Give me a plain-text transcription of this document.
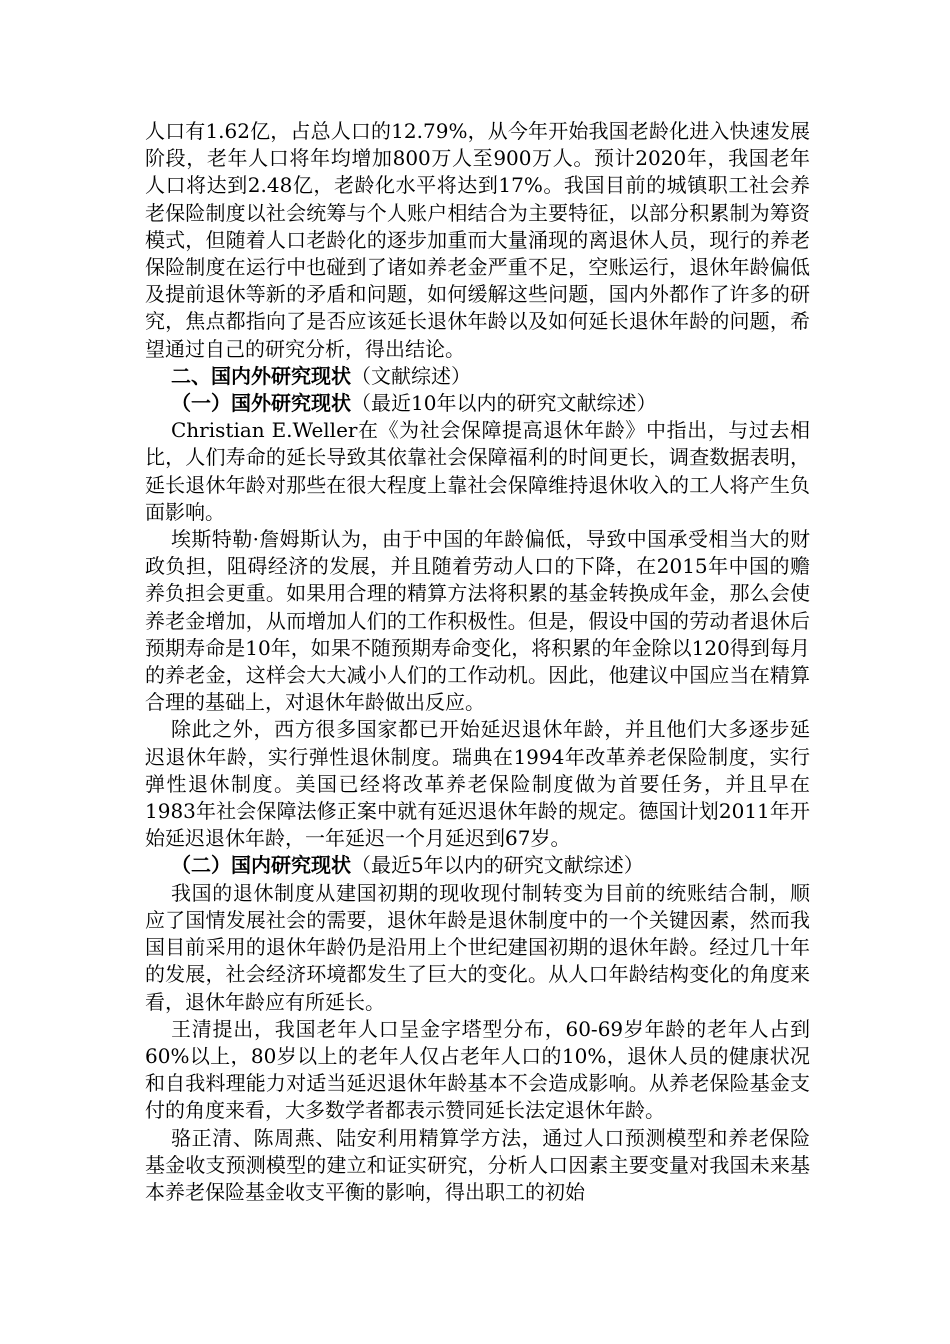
人口有1.62亿，占总人口的12.79%，从今年开始我国老龄化进入快速发展阶段，老年人口将年均增加800万人至900万人。预计2020年，我国老年人口将达到2.48亿，老龄化水平将达到17%。我国目前的城镇职工社会养老保险制度以社会统筹与个人账户相结合为主要特征，以部分积累制为筹资模式，但随着人口老龄化的逐步加重而大量涌现的离退休人员，现行的养老保险制度在运行中也碰到了诸如养老金严重不足，空账运行，退休年龄偏低及提前退休等新的矛盾和问题，如何缓解这些问题，国内外都作了许多的研究，焦点都指向了是否应该延长退休年龄以及如何延长退休年龄的问题，希望通过自己的研究分析，得出结论。

二、国内外研究现状（文献综述）

（一）国外研究现状（最近10年以内的研究文献综述）

Christian E.Weller在《为社会保障提高退休年龄》中指出，与过去相比，人们寿命的延长导致其依靠社会保障福利的时间更长，调查数据表明，延长退休年龄对那些在很大程度上靠社会保障维持退休收入的工人将产生负面影响。

埃斯特勒·詹姆斯认为，由于中国的年龄偏低，导致中国承受相当大的财政负担，阻碍经济的发展，并且随着劳动人口的下降，在2015年中国的赡养负担会更重。如果用合理的精算方法将积累的基金转换成年金，那么会使养老金增加，从而增加人们的工作积极性。但是，假设中国的劳动者退休后预期寿命是10年，如果不随预期寿命变化，将积累的年金除以120得到每月的养老金，这样会大大减小人们的工作动机。因此，他建议中国应当在精算合理的基础上，对退休年龄做出反应。

除此之外，西方很多国家都已开始延迟退休年龄，并且他们大多逐步延迟退休年龄，实行弹性退休制度。瑞典在1994年改革养老保险制度，实行弹性退休制度。美国已经将改革养老保险制度做为首要任务，并且早在1983年社会保障法修正案中就有延迟退休年龄的规定。德国计划2011年开始延迟退休年龄，一年延迟一个月延迟到67岁。

（二）国内研究现状（最近5年以内的研究文献综述）

我国的退休制度从建国初期的现收现付制转变为目前的统账结合制，顺应了国情发展社会的需要，退休年龄是退休制度中的一个关键因素，然而我国目前采用的退休年龄仍是沿用上个世纪建国初期的退休年龄。经过几十年的发展，社会经济环境都发生了巨大的变化。从人口年龄结构变化的角度来看，退休年龄应有所延长。

王清提出，我国老年人口呈金字塔型分布，60-69岁年龄的老年人占到60%以上，80岁以上的老年人仅占老年人口的10%，退休人员的健康状况和自我料理能力对适当延迟退休年龄基本不会造成影响。从养老保险基金支付的角度来看，大多数学者都表示赞同延长法定退休年龄。

骆正清、陈周燕、陆安利用精算学方法，通过人口预测模型和养老保险基金收支预测模型的建立和证实研究，分析人口因素主要变量对我国未来基本养老保险基金收支平衡的影响，得出职工的初始
